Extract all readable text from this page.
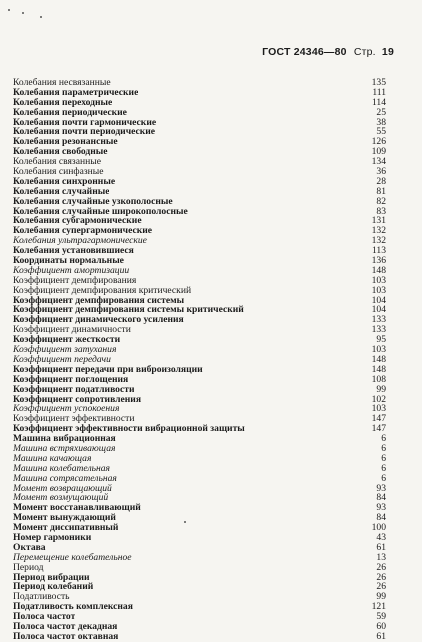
ГОСТ 24346—80 Стр. 19
Колебания несвязанные	135
Колебания параметрические	111
Колебания переходные	114
Колебания периодические	25
Колебания почти гармонические	38
Колебания почти периодические	55
Колебания резонансные	126
Колебания свободные	109
Колебания связанные	134
Колебания синфазные	36
Колебания синхронные	28
Колебания случайные	81
Колебания случайные узкополосные	82
Колебания случайные широкополосные	83
Колебания субгармонические	131
Колебания супергармонические	132
Колебания ультрагармонические	132
Колебания установившиеся	113
Координаты нормальные	136
Коэффициент амортизации	148
Коэффициент демпфирования	103
Коэффициент демпфирования критический	103
Коэффициент демпфирования системы	104
Коэффициент демпфирования системы критический	104
Коэффициент динамического усиления	133
Коэффициент динамичности	133
Коэффициент жесткости	95
Коэффициент затухания	103
Коэффициент передачи	148
Коэффициент передачи при виброизоляции	148
Коэффициент поглощения	108
Коэффициент податливости	99
Коэффициент сопротивления	102
Коэффициент успокоения	103
Коэффициент эффективности	147
Коэффициент эффективности вибрационной защиты	147
Машина вибрационная	6
Машина встряхивающая	6
Машина качающая	6
Машина колебательная	6
Машина сотрясательная	6
Момент возвращающий	93
Момент возмущающий	84
Момент восстанавливающий	93
Момент вынуждающий	84
Момент диссипативный	100
Номер гармоники	43
Октава	61
Перемещение колебательное	13
Период	26
Период вибрации	26
Период колебаний	26
Податливость	99
Податливость комплексная	121
Полоса частот	59
Полоса частот декадная	60
Полоса частот октавная	61
